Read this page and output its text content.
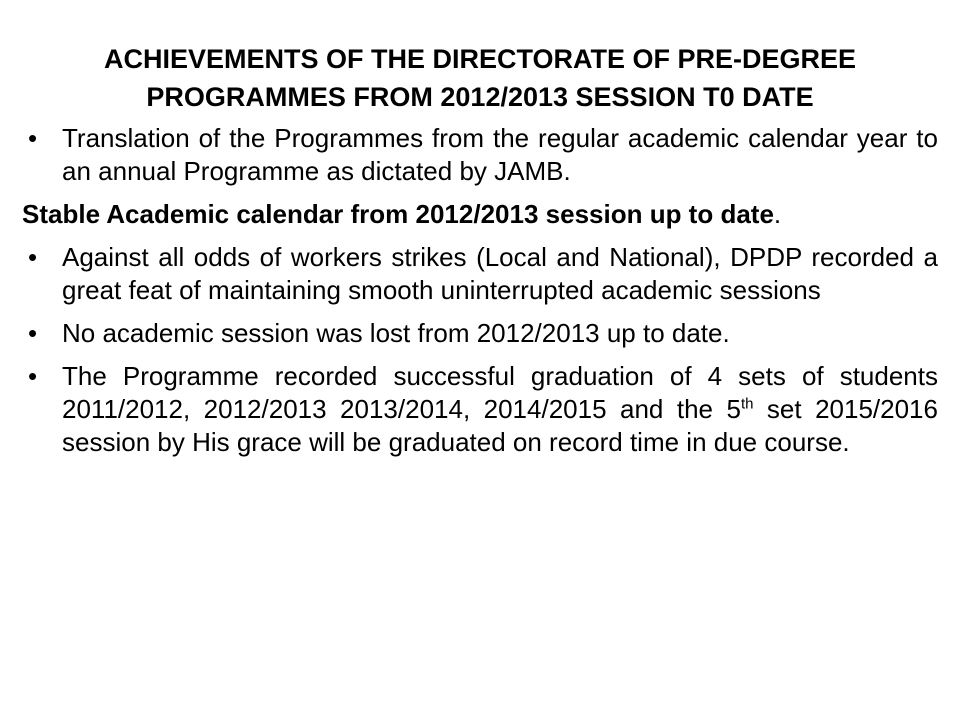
ACHIEVEMENTS OF THE DIRECTORATE OF PRE-DEGREE
PROGRAMMES FROM 2012/2013 SESSION T0 DATE
• Translation of the Programmes from the regular academic calendar year to an annual Programme as dictated by JAMB.
Stable Academic calendar from 2012/2013 session up to date.
• Against all odds of workers strikes (Local and National), DPDP recorded a great feat of maintaining smooth uninterrupted academic sessions
• No academic session was lost from 2012/2013 up to date.
• The Programme recorded successful graduation of 4 sets of students 2011/2012, 2012/2013 2013/2014, 2014/2015 and the 5th set 2015/2016 session by His grace will be graduated on record time in due course.
